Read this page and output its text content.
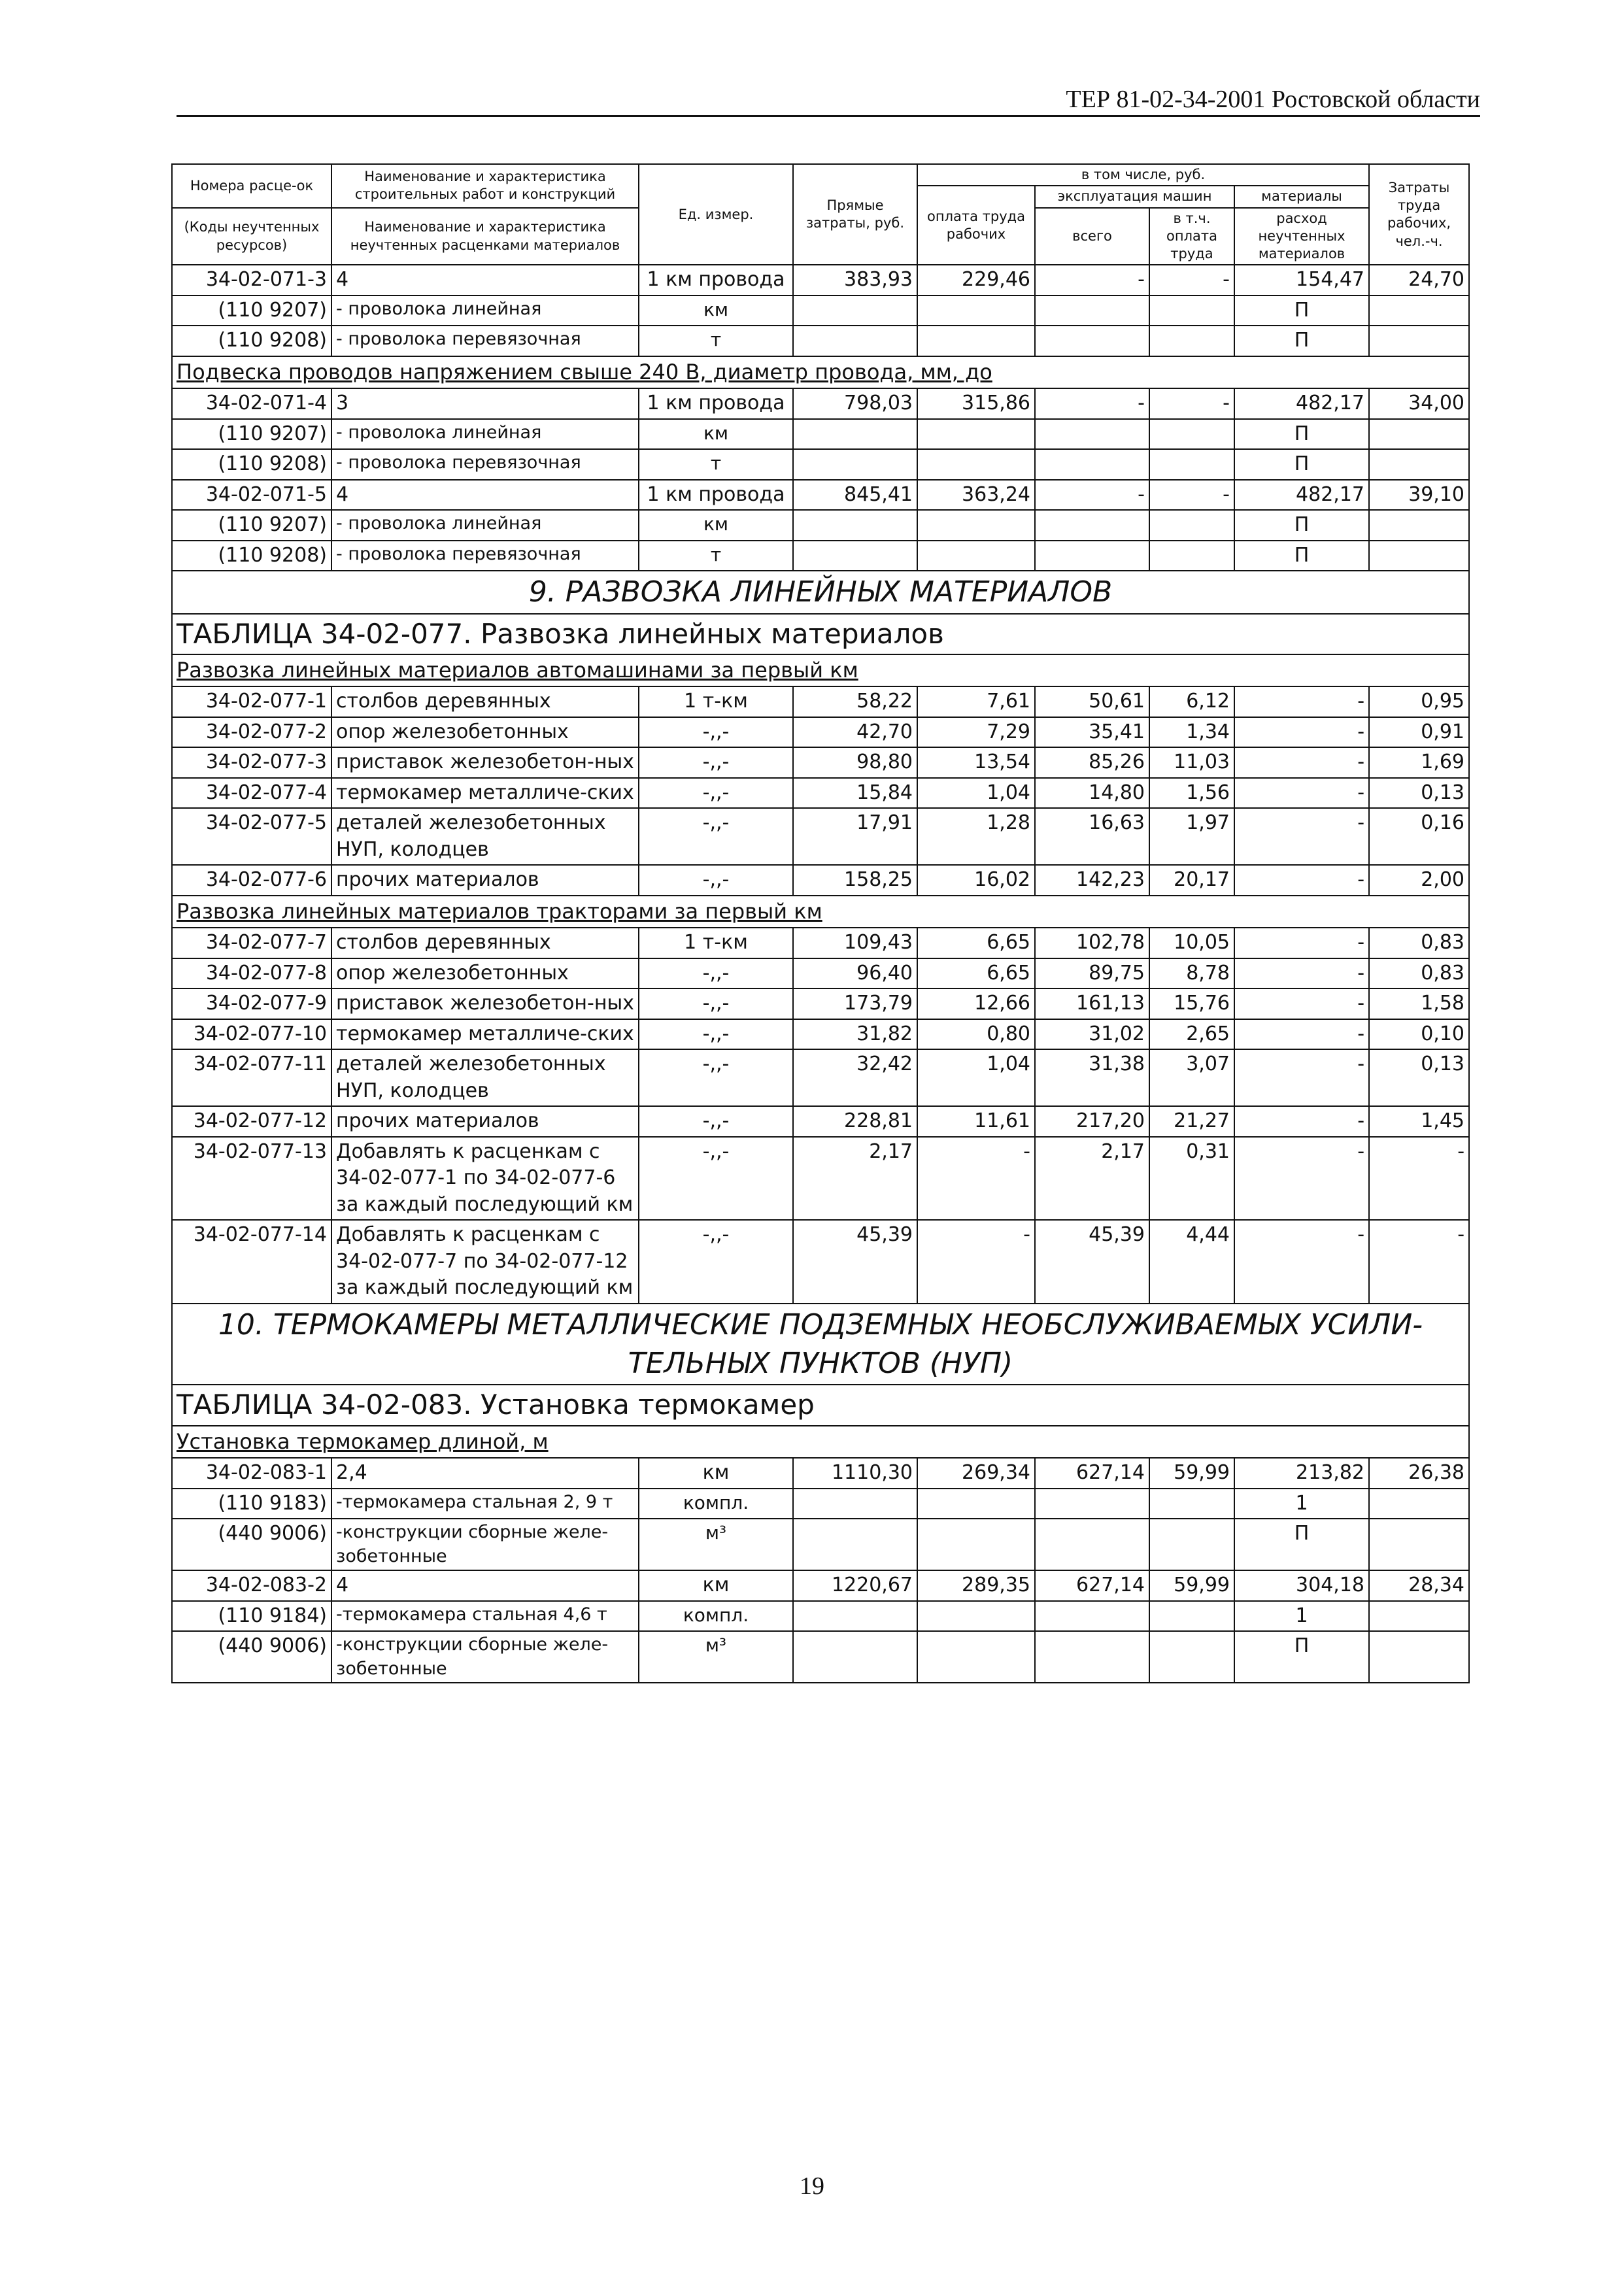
ТЕР 81-02-34-2001 Ростовской области
Номера расце-ок	Наименование и характеристика строительных работ и конструкций	Ед. измер.	Прямые затраты, руб.	в том числе, руб.				Затраты труда рабочих, чел.-ч.
				оплата труда рабочих	эксплуатация машин		материалы	
(Коды неучтенных ресурсов)	Наименование и характеристика неучтенных расценками материалов				всего	в т.ч. оплата труда	расход неучтенных материалов	

34-02-071-3	4	1 км провода	383,93	229,46	-	-	154,47	24,70
(110 9207)	- проволока линейная	км					П	
(110 9208)	- проволока перевязочная	т					П	
Подвеска проводов напряжением свыше 240 В, диаметр провода, мм, до								
34-02-071-4	3	1 км провода	798,03	315,86	-	-	482,17	34,00
(110 9207)	- проволока линейная	км					П	
(110 9208)	- проволока перевязочная	т					П	
34-02-071-5	4	1 км провода	845,41	363,24	-	-	482,17	39,10
(110 9207)	- проволока линейная	км					П	
(110 9208)	- проволока перевязочная	т					П	
9. РАЗВОЗКА ЛИНЕЙНЫХ МАТЕРИАЛОВ								
ТАБЛИЦА 34-02-077. Развозка линейных материалов								
Развозка линейных материалов автомашинами за первый км								
34-02-077-1	столбов деревянных	1 т-км	58,22	7,61	50,61	6,12	-	0,95
34-02-077-2	опор железобетонных	-,,-	42,70	7,29	35,41	1,34	-	0,91
34-02-077-3	приставок железобетон-ных	-,,-	98,80	13,54	85,26	11,03	-	1,69
34-02-077-4	термокамер металличе-ских	-,,-	15,84	1,04	14,80	1,56	-	0,13
34-02-077-5	деталей железобетонных НУП, колодцев	-,,-	17,91	1,28	16,63	1,97	-	0,16
34-02-077-6	прочих материалов	-,,-	158,25	16,02	142,23	20,17	-	2,00
Развозка линейных материалов тракторами за первый км								
34-02-077-7	столбов деревянных	1 т-км	109,43	6,65	102,78	10,05	-	0,83
34-02-077-8	опор железобетонных	-,,-	96,40	6,65	89,75	8,78	-	0,83
34-02-077-9	приставок железобетон-ных	-,,-	173,79	12,66	161,13	15,76	-	1,58
34-02-077-10	термокамер металличе-ских	-,,-	31,82	0,80	31,02	2,65	-	0,10
34-02-077-11	деталей железобетонных НУП, колодцев	-,,-	32,42	1,04	31,38	3,07	-	0,13
34-02-077-12	прочих материалов	-,,-	228,81	11,61	217,20	21,27	-	1,45
34-02-077-13	Добавлять к расценкам с 34-02-077-1 по 34-02-077-6 за каждый последующий км	-,,-	2,17	-	2,17	0,31	-	-
34-02-077-14	Добавлять к расценкам с 34-02-077-7 по 34-02-077-12 за каждый последующий км	-,,-	45,39	-	45,39	4,44	-	-
10. ТЕРМОКАМЕРЫ МЕТАЛЛИЧЕСКИЕ ПОДЗЕМНЫХ НЕОБСЛУЖИВАЕМЫХ УСИЛИ-ТЕЛЬНЫХ ПУНКТОВ (НУП)								
ТАБЛИЦА 34-02-083. Установка термокамер								
Установка термокамер длиной, м								
34-02-083-1	2,4	км	1110,30	269,34	627,14	59,99	213,82	26,38
(110 9183)	-термокамера стальная 2, 9 т	компл.					1	
(440 9006)	-конструкции сборные желе-зобетонные	м³					П	
34-02-083-2	4	км	1220,67	289,35	627,14	59,99	304,18	28,34
(110 9184)	-термокамера стальная 4,6 т	компл.					1	
(440 9006)	-конструкции сборные желе-зобетонные	м³					П	
19
